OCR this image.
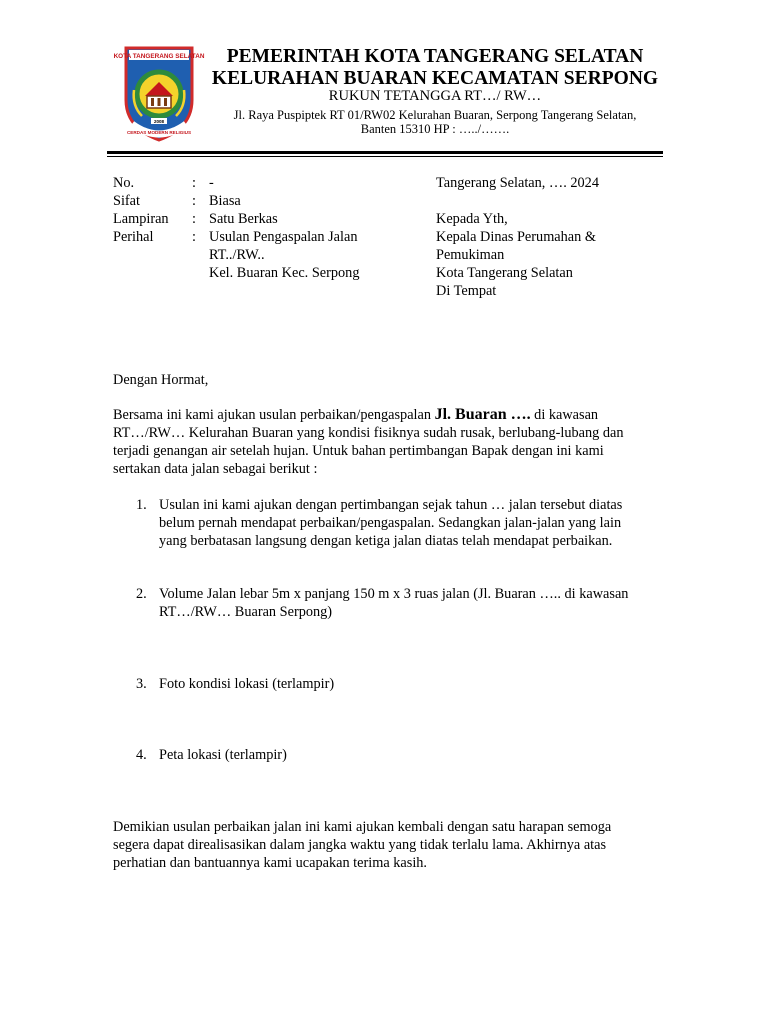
KOTA TANGERANG SELATAN
2008
CERDAS MODERN RELIGIUS
PEMERINTAH KOTA TANGERANG SELATAN
KELURAHAN BUARAN KECAMATAN SERPONG
RUKUN TETANGGA RT…/ RW…
Jl. Raya Puspiptek RT 01/RW02 Kelurahan Buaran, Serpong Tangerang Selatan,
Banten 15310 HP : …../…….
No.	: -
Sifat	: Biasa
Lampiran : Satu Berkas
Perihal	: Usulan Pengaspalan Jalan
RT../RW..
Kel. Buaran Kec. Serpong
Tangerang Selatan, …. 2024
Kepada Yth,
Kepala Dinas Perumahan &
Pemukiman
Kota Tangerang Selatan
Di Tempat
Dengan Hormat,
Bersama ini kami ajukan usulan perbaikan/pengaspalan Jl. Buaran …. di kawasan
RT…/RW… Kelurahan Buaran yang kondisi fisiknya sudah rusak, berlubang-lubang dan
terjadi genangan air setelah hujan. Untuk bahan pertimbangan Bapak dengan ini kami
sertakan data jalan sebagai berikut :
1. Usulan ini kami ajukan dengan pertimbangan sejak tahun … jalan tersebut diatas
belum pernah mendapat perbaikan/pengaspalan. Sedangkan jalan-jalan yang lain
yang berbatasan langsung dengan ketiga jalan diatas telah mendapat perbaikan.
2. Volume Jalan lebar 5m x panjang 150 m x 3 ruas jalan (Jl. Buaran ….. di kawasan
RT…/RW… Buaran Serpong)
3. Foto kondisi lokasi (terlampir)
4. Peta lokasi (terlampir)
Demikian usulan perbaikan jalan ini kami ajukan kembali dengan satu harapan semoga
segera dapat direalisasikan dalam jangka waktu yang tidak terlalu lama. Akhirnya atas
perhatian dan bantuannya kami ucapakan terima kasih.
